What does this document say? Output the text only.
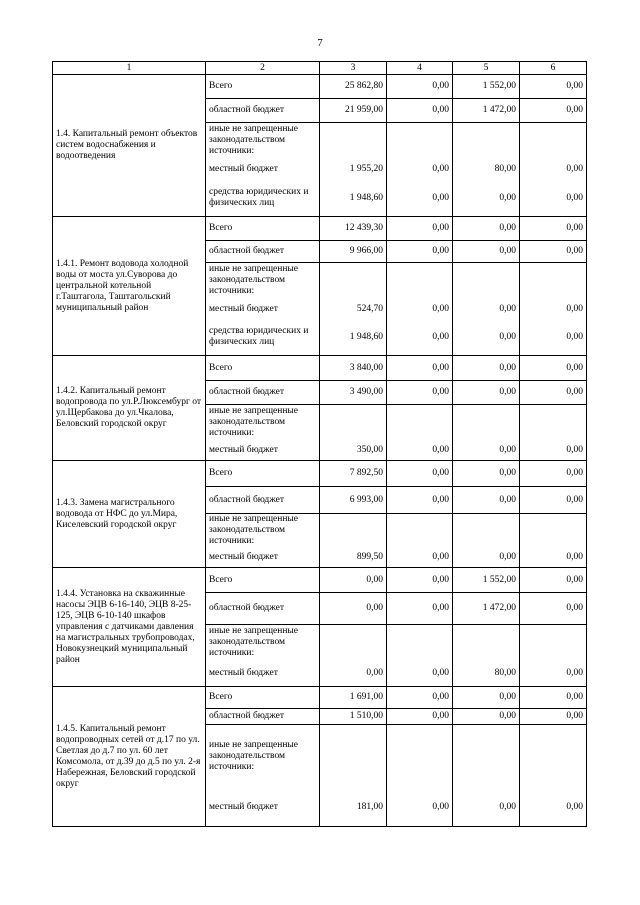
7
1	2	3	4	5	6
1.4. Капитальный ремонт объектов систем водоснабжения и водоотведения	Всего	25 862,80	0,00	1 552,00	0,00
	областной бюджет	21 959,00	0,00	1 472,00	0,00
	иные не запрещенные законодательством источники:				
	местный бюджет	1 955,20	0,00	80,00	0,00
	средства юридических и физических лиц	1 948,60	0,00	0,00	0,00
1.4.1. Ремонт водовода холодной воды от моста ул.Суворова до центральной котельной г.Таштагола, Таштагольский муниципальный район	Всего	12 439,30	0,00	0,00	0,00
	областной бюджет	9 966,00	0,00	0,00	0,00
	иные не запрещенные законодательством источники:				
	местный бюджет	524,70	0,00	0,00	0,00
	средства юридических и физических лиц	1 948,60	0,00	0,00	0,00
1.4.2. Капитальный ремонт водопровода по ул.Р.Люксембург от ул.Щербакова до ул.Чкалова, Беловский городской округ	Всего	3 840,00	0,00	0,00	0,00
	областной бюджет	3 490,00	0,00	0,00	0,00
	иные не запрещенные законодательством источники:				
	местный бюджет	350,00	0,00	0,00	0,00
1.4.3. Замена магистрального водовода от НФС до ул.Мира, Киселевский городской округ	Всего	7 892,50	0,00	0,00	0,00
	областной бюджет	6 993,00	0,00	0,00	0,00
	иные не запрещенные законодательством источники:				
	местный бюджет	899,50	0,00	0,00	0,00
1.4.4. Установка на скважинные насосы ЭЦВ 6-16-140, ЭЦВ 8-25-125, ЭЦВ 6-10-140 шкафов управления с датчиками давления на магистральных трубопроводах, Новокузнецкий муниципальный район	Всего	0,00	0,00	1 552,00	0,00
	областной бюджет	0,00	0,00	1 472,00	0,00
	иные не запрещенные законодательством источники:				
	местный бюджет	0,00	0,00	80,00	0,00
1.4.5. Капитальный ремонт водопроводных сетей от д.17 по ул. Светлая до д.7 по ул. 60 лет Комсомола, от д.39 до д.5 по ул. 2-я Набережная, Беловский городской округ	Всего	1 691,00	0,00	0,00	0,00
	областной бюджет	1 510,00	0,00	0,00	0,00
	иные не запрещенные законодательством источники:				
	местный бюджет	181,00	0,00	0,00	0,00
